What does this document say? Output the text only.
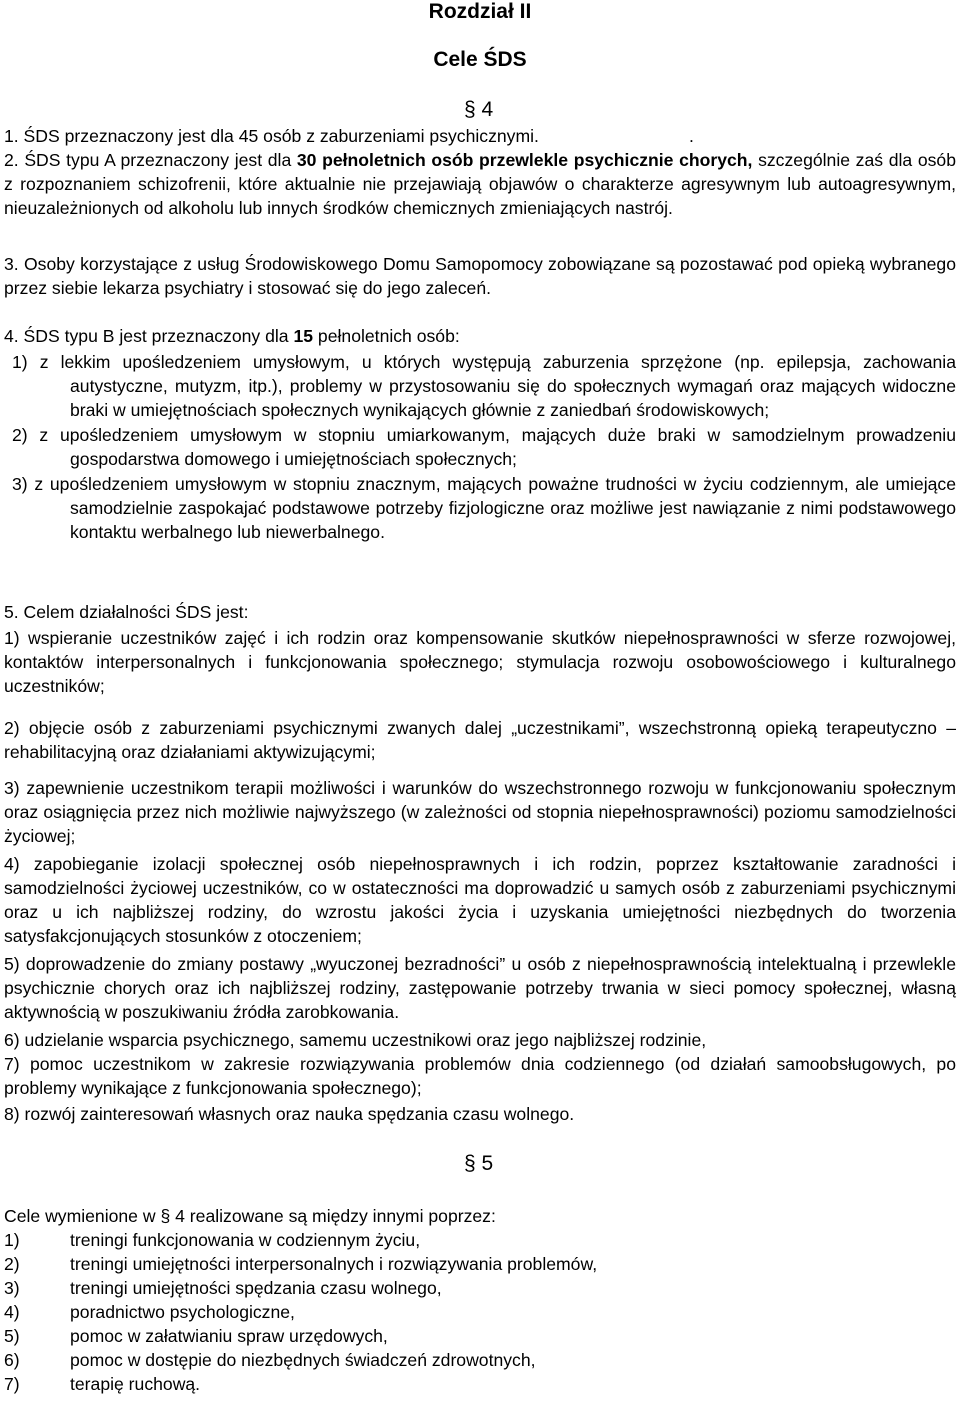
Rozdział II
Cele ŚDS
§ 4
1. ŚDS przeznaczony jest dla 45 osób z zaburzeniami psychicznymi.	.
2. ŚDS typu A przeznaczony jest dla 30 pełnoletnich osób przewlekle psychicznie chorych, szczególnie zaś dla osób z rozpoznaniem schizofrenii, które aktualnie nie przejawiają objawów o charakterze agresywnym lub autoagresywnym, nieuzależnionych od alkoholu lub innych środków chemicznych zmieniających nastrój.
3. Osoby korzystające z usług Środowiskowego Domu Samopomocy zobowiązane są pozostawać pod opieką wybranego przez siebie lekarza psychiatry i stosować się do jego zaleceń.
4. ŚDS typu B jest przeznaczony dla 15 pełnoletnich osób:
1) z lekkim upośledzeniem umysłowym, u których występują zaburzenia sprzężone (np. epilepsja, zachowania autystyczne, mutyzm, itp.), problemy w przystosowaniu się do społecznych wymagań oraz mających widoczne braki w umiejętnościach społecznych wynikających głównie z zaniedbań środowiskowych;
2) z upośledzeniem umysłowym w stopniu umiarkowanym, mających duże braki w samodzielnym prowadzeniu gospodarstwa domowego i umiejętnościach społecznych;
3) z upośledzeniem umysłowym w stopniu znacznym, mających poważne trudności w życiu codziennym, ale umiejące samodzielnie zaspokajać podstawowe potrzeby fizjologiczne oraz możliwe jest nawiązanie z nimi podstawowego kontaktu werbalnego lub niewerbalnego.
5. Celem działalności ŚDS jest:
1) wspieranie uczestników zajęć i ich rodzin oraz kompensowanie skutków niepełnosprawności w sferze rozwojowej, kontaktów interpersonalnych i funkcjonowania społecznego; stymulacja rozwoju osobowościowego i kulturalnego uczestników;
2) objęcie osób z zaburzeniami psychicznymi zwanych dalej „uczestnikami”, wszechstronną opieką terapeutyczno – rehabilitacyjną oraz działaniami aktywizującymi;
3) zapewnienie uczestnikom terapii możliwości i warunków do wszechstronnego rozwoju w funkcjonowaniu społecznym oraz osiągnięcia przez nich możliwie najwyższego (w zależności od stopnia niepełnosprawności) poziomu samodzielności życiowej;
4) zapobieganie izolacji społecznej osób niepełnosprawnych i ich rodzin, poprzez kształtowanie zaradności i samodzielności życiowej uczestników, co w ostateczności ma doprowadzić u samych osób z zaburzeniami psychicznymi oraz u ich najbliższej rodziny, do wzrostu jakości życia i uzyskania umiejętności niezbędnych do tworzenia satysfakcjonujących stosunków z otoczeniem;
5) doprowadzenie do zmiany postawy „wyuczonej bezradności” u osób z niepełnosprawnością intelektualną i przewlekle psychicznie chorych oraz ich najbliższej rodziny, zastępowanie potrzeby trwania w sieci pomocy społecznej, własną aktywnością w poszukiwaniu źródła zarobkowania.
6) udzielanie wsparcia psychicznego, samemu uczestnikowi oraz jego najbliższej rodzinie,
7) pomoc uczestnikom w zakresie rozwiązywania problemów dnia codziennego (od działań samoobsługowych, po problemy wynikające z funkcjonowania społecznego);
8) rozwój zainteresowań własnych oraz nauka spędzania czasu wolnego.
§ 5
Cele wymienione w § 4 realizowane są między innymi poprzez:
1)	treningi funkcjonowania w codziennym życiu,
2)	treningi umiejętności interpersonalnych i rozwiązywania problemów,
3)	treningi umiejętności spędzania czasu wolnego,
4)	poradnictwo psychologiczne,
5)	pomoc w załatwianiu spraw urzędowych,
6)	pomoc w dostępie do niezbędnych świadczeń zdrowotnych,
7)	terapię ruchową.
